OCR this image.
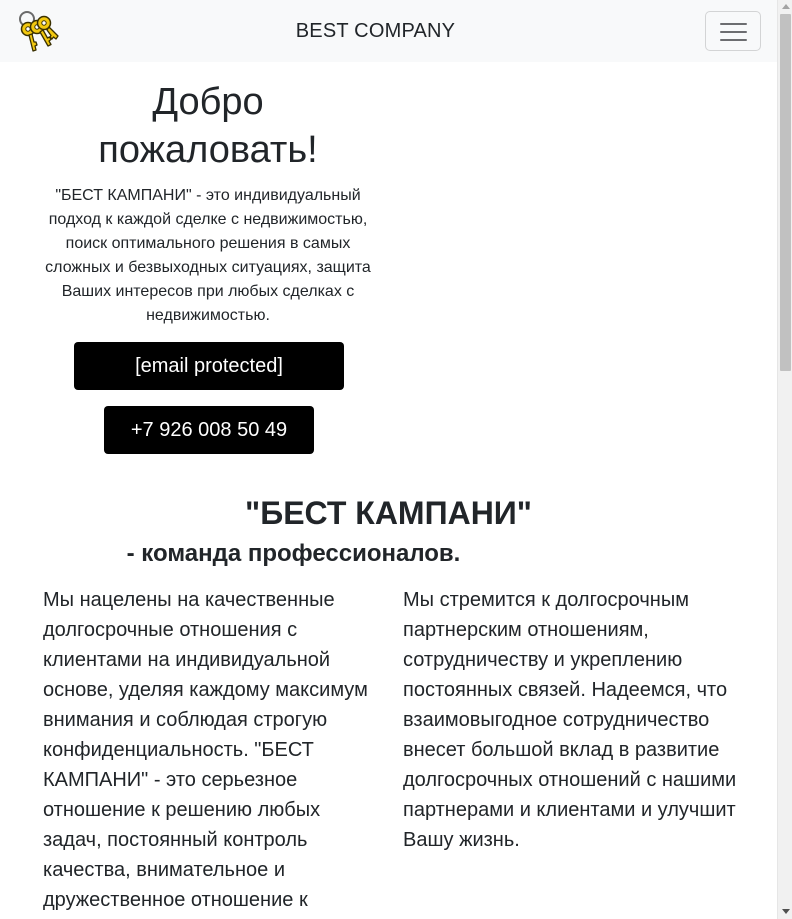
BEST COMPANY
Добро
пожаловать!

"БЕСТ КАМПАНИ" - это индивидуальный подход к каждой сделке с недвижимостью, поиск оптимального решения в самых сложных и безвыходных ситуациях, защита Ваших интересов при любых сделках с недвижимостью.

[email protected]
+7 926 008 50 49
"БЕСТ КАМПАНИ"
- команда профессионалов.

Мы нацелены на качественные долгосрочные отношения с клиентами на индивидуальной основе, уделяя каждому максимум внимания и соблюдая строгую конфиденциальность. "БЕСТ КАМПАНИ" - это серьезное отношение к решению любых задач, постоянный контроль качества, внимательное и дружественное отношение к

Мы стремится к долгосрочным партнерским отношениям, сотрудничеству и укреплению постоянных связей. Надеемся, что взаимовыгодное сотрудничество внесет большой вклад в развитие долгосрочных отношений с нашими партнерами и клиентами и улучшит Вашу жизнь.
